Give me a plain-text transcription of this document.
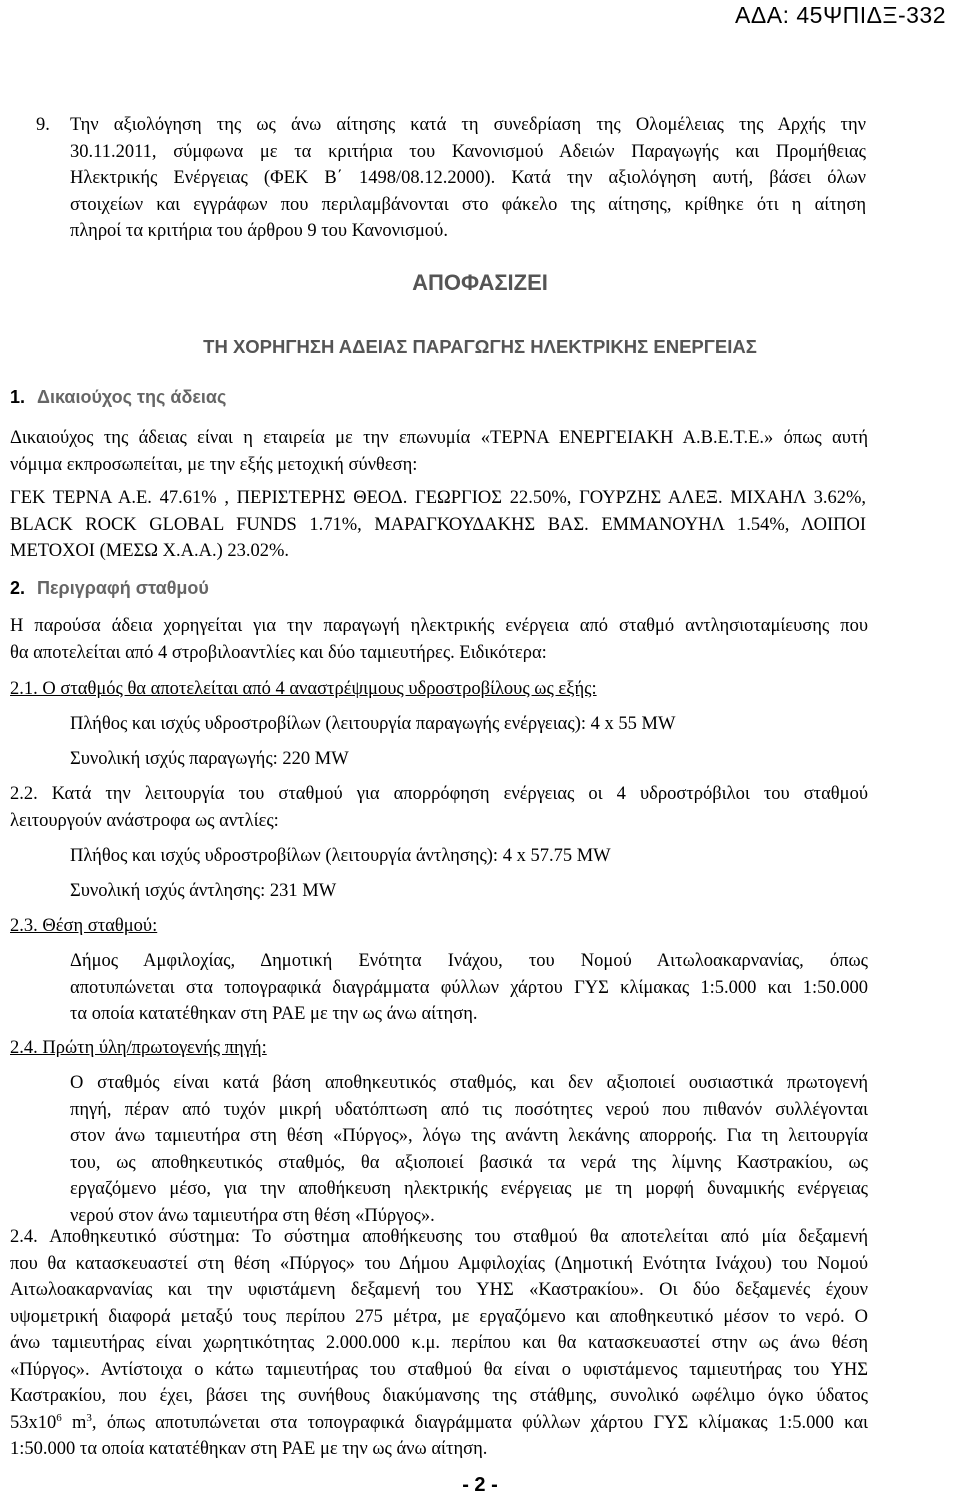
ΑΔΑ: 45ΨΠΙΔΞ-332
9. Την αξιολόγηση της ως άνω αίτησης κατά τη συνεδρίαση της Ολομέλειας της Αρχής την
30.11.2011, σύμφωνα με τα κριτήρια του Κανονισμού Αδειών Παραγωγής και Προμήθειας
Ηλεκτρικής Ενέργειας (ΦΕΚ Β΄ 1498/08.12.2000). Κατά την αξιολόγηση αυτή, βάσει όλων
στοιχείων και εγγράφων που περιλαμβάνονται στο φάκελο της αίτησης, κρίθηκε ότι η αίτηση
πληροί τα κριτήρια του άρθρου 9 του Κανονισμού.
ΑΠΟΦΑΣΙΖΕΙ
ΤΗ ΧΟΡΗΓΗΣΗ ΑΔΕΙΑΣ ΠΑΡΑΓΩΓΗΣ ΗΛΕΚΤΡΙΚΗΣ ΕΝΕΡΓΕΙΑΣ
1. Δικαιούχος της άδειας
Δικαιούχος της άδειας είναι η εταιρεία με την επωνυμία «ΤΕΡΝΑ ΕΝΕΡΓΕΙΑΚΗ Α.Β.Ε.Τ.Ε.» όπως αυτή
νόμιμα εκπροσωπείται, με την εξής μετοχική σύνθεση:
ΓΕΚ ΤΕΡΝΑ Α.Ε. 47.61% , ΠΕΡΙΣΤΕΡΗΣ ΘΕΟΔ. ΓΕΩΡΓΙΟΣ 22.50%, ΓΟΥΡΖΗΣ ΑΛΕΞ. ΜΙΧΑΗΛ 3.62%,
BLACK ROCK GLOBAL FUNDS 1.71%, ΜΑΡΑΓΚΟΥΔΑΚΗΣ ΒΑΣ. ΕΜΜΑΝΟΥΗΛ 1.54%, ΛΟΙΠΟΙ
ΜΕΤΟΧΟΙ (ΜΕΣΩ Χ.Α.Α.) 23.02%.
2. Περιγραφή σταθμού
Η παρούσα άδεια χορηγείται για την παραγωγή ηλεκτρικής ενέργεια από σταθμό αντλησιοταμίευσης που
θα αποτελείται από 4 στροβιλοαντλίες και δύο ταμιευτήρες. Ειδικότερα:
2.1. Ο σταθμός θα αποτελείται από 4 αναστρέψιμους υδροστροβίλους ως εξής:
Πλήθος και ισχύς υδροστροβίλων (λειτουργία παραγωγής ενέργειας): 4 x 55 MW
Συνολική ισχύς παραγωγής: 220 MW
2.2. Κατά την λειτουργία του σταθμού για απορρόφηση ενέργειας οι 4 υδροστρόβιλοι του σταθμού
λειτουργούν ανάστροφα ως αντλίες:
Πλήθος και ισχύς υδροστροβίλων (λειτουργία άντλησης): 4 x 57.75 MW
Συνολική ισχύς άντλησης: 231 MW
2.3. Θέση σταθμού:
Δήμος Αμφιλοχίας, Δημοτική Ενότητα Ινάχου, του Νομού Αιτωλοακαρνανίας, όπως
αποτυπώνεται στα τοπογραφικά διαγράμματα φύλλων χάρτου ΓΥΣ κλίμακας 1:5.000 και 1:50.000
τα οποία κατατέθηκαν στη ΡΑΕ με την ως άνω αίτηση.
2.4. Πρώτη ύλη/πρωτογενής πηγή:
Ο σταθμός είναι κατά βάση αποθηκευτικός σταθμός, και δεν αξιοποιεί ουσιαστικά πρωτογενή
πηγή, πέραν από τυχόν μικρή υδατόπτωση από τις ποσότητες νερού που πιθανόν συλλέγονται
στον άνω ταμιευτήρα στη θέση «Πύργος», λόγω της ανάντη λεκάνης απορροής. Για τη λειτουργία
του, ως αποθηκευτικός σταθμός, θα αξιοποιεί βασικά τα νερά της λίμνης Καστρακίου, ως
εργαζόμενο μέσο, για την αποθήκευση ηλεκτρικής ενέργειας με τη μορφή δυναμικής ενέργειας
νερού στον άνω ταμιευτήρα στη θέση «Πύργος».
2.4. Αποθηκευτικό σύστημα: Το σύστημα αποθήκευσης του σταθμού θα αποτελείται από μία δεξαμενή
που θα κατασκευαστεί στη θέση «Πύργος» του Δήμου Αμφιλοχίας (Δημοτική Ενότητα Ινάχου) του Νομού
Αιτωλοακαρνανίας και την υφιστάμενη δεξαμενή του ΥΗΣ «Καστρακίου». Οι δύο δεξαμενές έχουν
υψομετρική διαφορά μεταξύ τους περίπου 275 μέτρα, με εργαζόμενο και αποθηκευτικό μέσον το νερό. Ο
άνω ταμιευτήρας είναι χωρητικότητας 2.000.000 κ.μ. περίπου και θα κατασκευαστεί στην ως άνω θέση
«Πύργος». Αντίστοιχα ο κάτω ταμιευτήρας του σταθμού θα είναι ο υφιστάμενος ταμιευτήρας του ΥΗΣ
Καστρακίου, που έχει, βάσει της συνήθους διακύμανσης της στάθμης, συνολικό ωφέλιμο όγκο ύδατος
$53x10^6$ $m^3$, όπως αποτυπώνεται στα τοπογραφικά διαγράμματα φύλλων χάρτου ΓΥΣ κλίμακας 1:5.000 και
1:50.000 τα οποία κατατέθηκαν στη ΡΑΕ με την ως άνω αίτηση.
- 2 -
